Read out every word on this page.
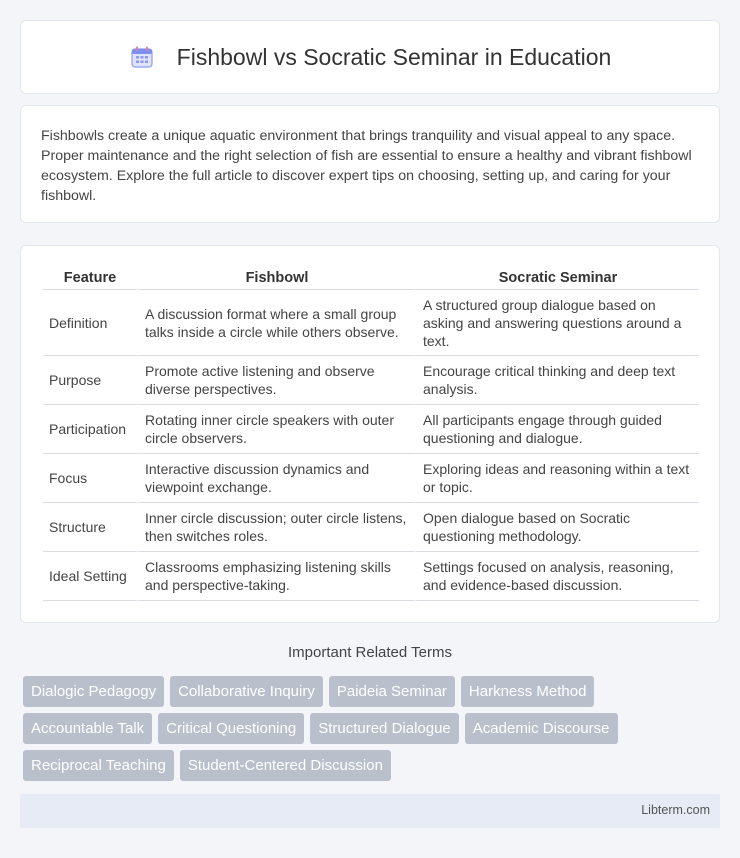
Fishbowl vs Socratic Seminar in Education

Fishbowls create a unique aquatic environment that brings tranquility and visual appeal to any space. Proper maintenance and the right selection of fish are essential to ensure a healthy and vibrant fishbowl ecosystem. Explore the full article to discover expert tips on choosing, setting up, and caring for your fishbowl.

Feature	Fishbowl	Socratic Seminar
Definition	A discussion format where a small group talks inside a circle while others observe.	A structured group dialogue based on asking and answering questions around a text.
Purpose	Promote active listening and observe diverse perspectives.	Encourage critical thinking and deep text analysis.
Participation	Rotating inner circle speakers with outer circle observers.	All participants engage through guided questioning and dialogue.
Focus	Interactive discussion dynamics and viewpoint exchange.	Exploring ideas and reasoning within a text or topic.
Structure	Inner circle discussion; outer circle listens, then switches roles.	Open dialogue based on Socratic questioning methodology.
Ideal Setting	Classrooms emphasizing listening skills and perspective-taking.	Settings focused on analysis, reasoning, and evidence-based discussion.
Important Related Terms
Dialogic Pedagogy	Collaborative Inquiry	Paideia Seminar	Harkness Method
Accountable Talk	Critical Questioning	Structured Dialogue	Academic Discourse
Reciprocal Teaching	Student-Centered Discussion
Libterm.com
